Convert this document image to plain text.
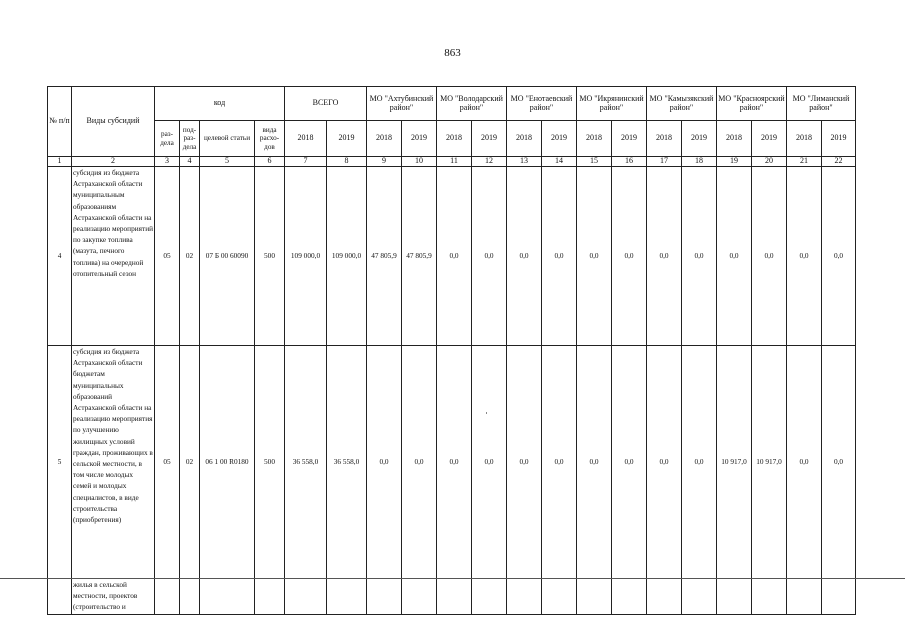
863
№ п/п	Виды субсидий	код				ВСЕГО		МО "Ахтубинский район"		МО "Володарский район"		МО "Енотаевский район"		МО "Икрянинский район"		МО "Камызякский район"		МО "Красноярский район"		МО "Лиманский район"	
		раз-дела	под-раз-дела	целевой статьи	вида расхо-дов	2018	2019	2018	2019	2018	2019	2018	2019	2018	2019	2018	2019	2018	2019	2018	2019
1	2	3	4	5	6	7	8	9	10	11	12	13	14	15	16	17	18	19	20	21	22
4	субсидия из бюджета Астраханской области муниципальным образованиям Астраханской области на реализацию мероприятий по закупке топлива (мазута, печного топлива) на очередной отопительный сезон	05	02	07 Б 00 60090	500	109 000,0	109 000,0	47 805,9	47 805,9	0,0	0,0	0,0	0,0	0,0	0,0	0,0	0,0	0,0	0,0	0,0	0,0
5	субсидия из бюджета Астраханской области бюджетам муниципальных образований Астраханской области на реализацию мероприятия по улучшению жилищных условий граждан, проживающих в сельской местности, в том числе молодых семей и молодых специалистов, в виде строительства (приобретения)	05	02	06 1 00 R0180	500	36 558,0	36 558,0	0,0	0,0	0,0	0,0	0,0	0,0	0,0	0,0	0,0	0,0	10 917,0	10 917,0	0,0	0,0
	жилья в сельской местности, проектов (строительство и																				
